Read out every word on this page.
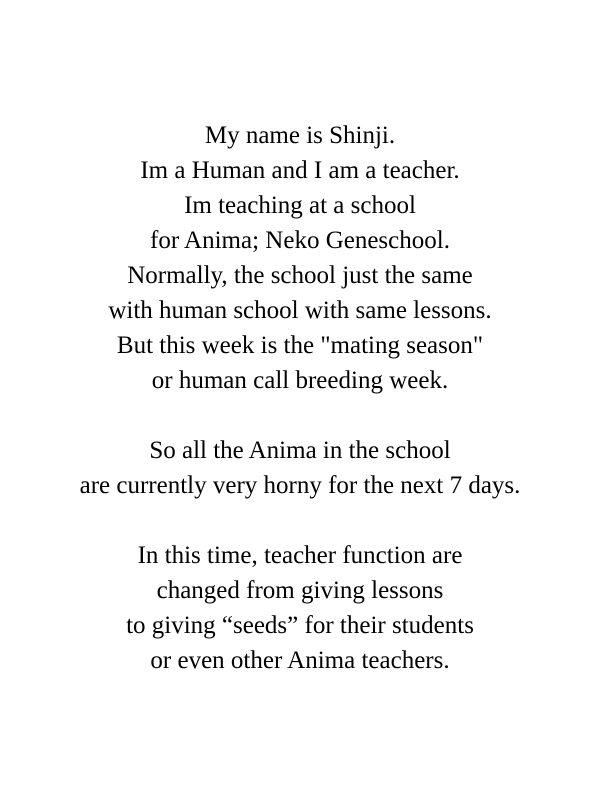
My name is Shinji.
Im a Human and I am a teacher.
Im teaching at a school
for Anima; Neko Geneschool.
Normally, the school just the same
with human school with same lessons.
But this week is the "mating season"
or human call breeding week.

So all the Anima in the school
are currently very horny for the next 7 days.

In this time, teacher function are
changed from giving lessons
to giving “seeds” for their students
or even other Anima teachers.
